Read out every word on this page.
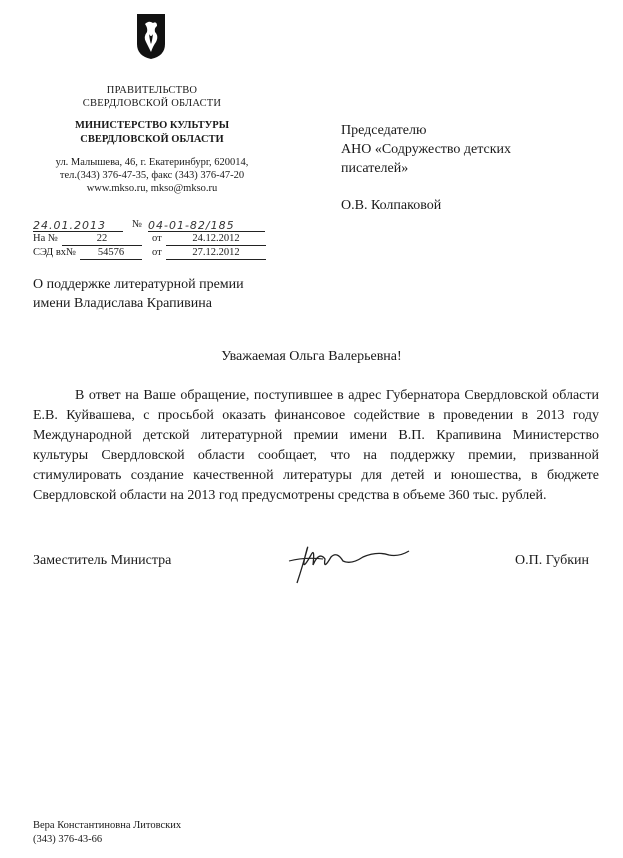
ПРАВИТЕЛЬСТВО
СВЕРДЛОВСКОЙ ОБЛАСТИ
МИНИСТЕРСТВО КУЛЬТУРЫ
СВЕРДЛОВСКОЙ ОБЛАСТИ
ул. Малышева, 46, г. Екатеринбург, 620014,
тел.(343) 376-47-35, факс (343) 376-47-20
www.mkso.ru, mkso@mkso.ru
24.01.2013	№ 04-01-82/185
На №	22	от	24.12.2012
СЭД вх№	54576	от	27.12.2012
Председателю
АНО «Содружество детских
писателей»
О.В. Колпаковой
О поддержке литературной премии
имени Владислава Крапивина
Уважаемая Ольга Валерьевна!
В ответ на Ваше обращение, поступившее в адрес Губернатора Свердловской области Е.В. Куйвашева, с просьбой оказать финансовое содействие в проведении в 2013 году Международной детской литературной премии имени В.П. Крапивина Министерство культуры Свердловской области сообщает, что на поддержку премии, призванной стимулировать создание качественной литературы для детей и юношества, в бюджете Свердловской области на 2013 год предусмотрены средства в объеме 360 тыс. рублей.
Заместитель Министра	О.П. Губкин
Вера Константиновна Литовских
(343) 376-43-66
